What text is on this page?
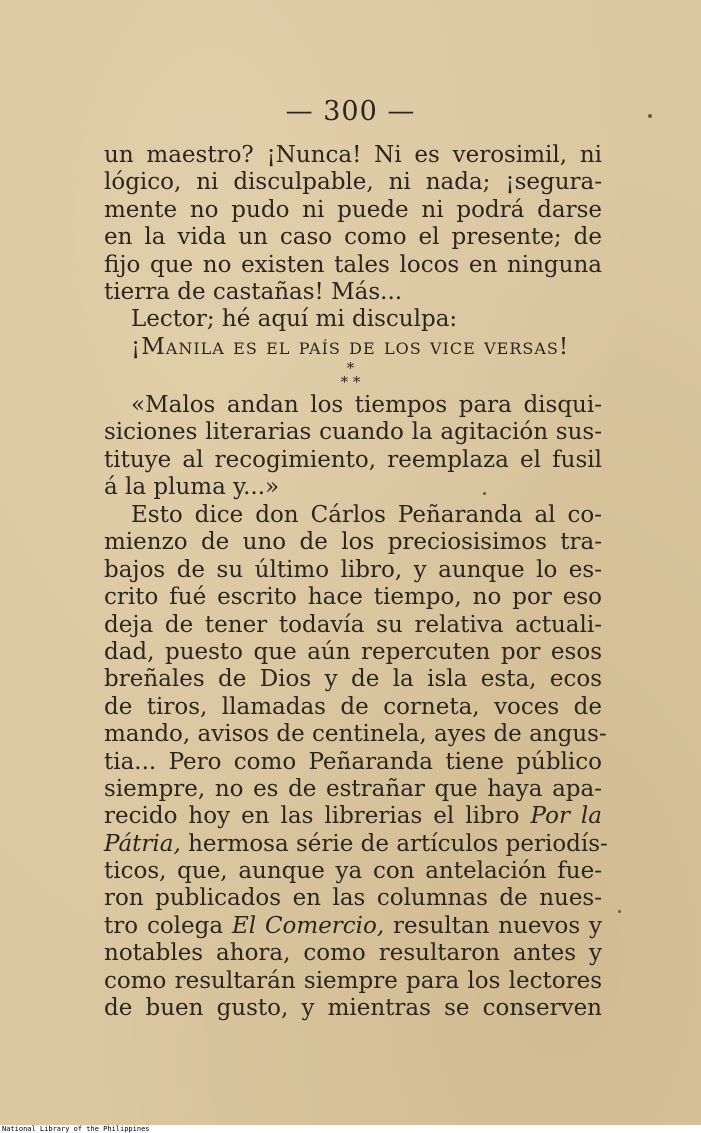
— 300 —
un maestro? ¡Nunca! Ni es verosimil, ni
lógico, ni disculpable, ni nada; ¡segura-
mente no pudo ni puede ni podrá darse
en la vida un caso como el presente; de
fijo que no existen tales locos en ninguna
tierra de castañas! Más...
Lector; hé aquí mi disculpa:
¡Manila es el país de los vice versas!
*
* *
«Malos andan los tiempos para disqui-
siciones literarias cuando la agitación sus-
tituye al recogimiento, reemplaza el fusil
á la pluma y...»
Esto dice don Cárlos Peñaranda al co-
mienzo de uno de los preciosisimos tra-
bajos de su último libro, y aunque lo es-
crito fué escrito hace tiempo, no por eso
deja de tener todavía su relativa actuali-
dad, puesto que aún repercuten por esos
breñales de Dios y de la isla esta, ecos
de tiros, llamadas de corneta, voces de
mando, avisos de centinela, ayes de angus-
tia... Pero como Peñaranda tiene público
siempre, no es de estrañar que haya apa-
recido hoy en las librerias el libro Por la
Pátria, hermosa série de artículos periodís-
ticos, que, aunque ya con antelación fue-
ron publicados en las columnas de nues-
tro colega El Comercio, resultan nuevos y
notables ahora, como resultaron antes y
como resultarán siempre para los lectores
de buen gusto, y mientras se conserven
National Library of the Philippines
